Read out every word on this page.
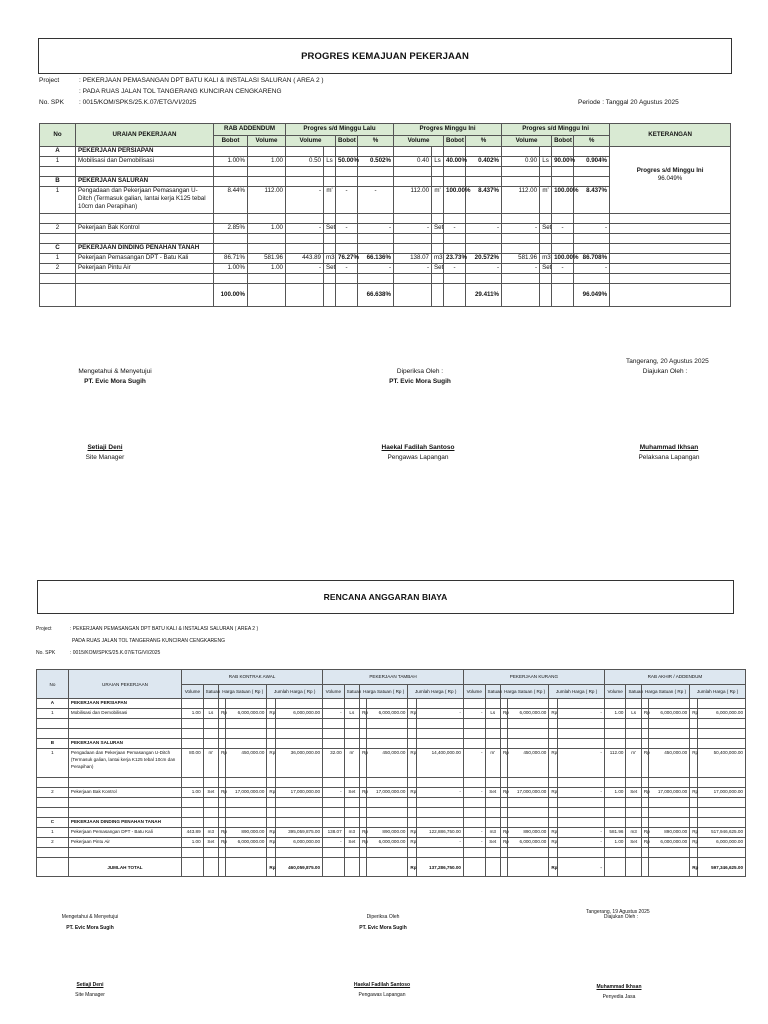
PROGRES KEMAJUAN PEKERJAAN
Project	: PEKERJAAN PEMASANGAN DPT BATU KALI & INSTALASI SALURAN ( AREA 2 )
: PADA RUAS JALAN TOL TANGERANG KUNCIRAN CENGKARENG
No. SPK : 0015/KOM/SPKS/25.K.07/ETG/VI/2025	Periode : Tanggal 20 Agustus 2025
No	URAIAN PEKERJAAN	RAB ADDENDUM		Progres s/d Minggu Lalu				Progres Minggu Ini				Progres s/d Minggu Ini				KETERANGAN
		Bobot	Volume	Volume		Bobot	%	Volume		Bobot	%	Volume		Bobot	%	
A	PEKERJAAN PERSIAPAN															
1	Mobilisasi dan Demobilisasi	1.00%	1.00	0.50	Ls	50.00%	0.502%	0.40	Ls	40.00%	0.402%	0.90	Ls	90.00%	0.904%	

																Progres s/d Minggu Ini
96.049%

B	PEKERJAAN SALURAN															
1	Pengadaan dan Pekerjaan Pemasangan U-Ditch (Termasuk galian, lantai kerja K125 tebal 10cm dan Perapihan)	8.44%	112.00	-	m'	-	-	112.00	m'	100.00%	8.437%	112.00	m'	100.00%	8.437%	

2	Pekerjaan Bak Kontrol	2.85%	1.00	-	Set	-	-	-	Set	-	-	-	Set	-	-	

C	PEKERJAAN DINDING PENAHAN TANAH															
1	Pekerjaan Pemasangan DPT - Batu Kali	86.71%	581.96	443.89	m3	76.27%	66.136%	138.07	m3	23.73%	20.572%	581.96	m3	100.00%	86.708%	
2	Pekerjaan Pintu Air	1.00%	1.00	-	Set	-	-	-	Set	-	-	-	Set	-	-	

		100.00%					66.638%				29.411%				96.049%	
Tangerang, 20 Agustus 2025
Mengetahui & Menyetujui
PT. Evic Mora Sugih
Diperiksa Oleh :
PT. Evic Mora Sugih
Diajukan Oleh :
Setiaji Deni
Site Manager
Haekal Fadilah Santoso
Pengawas Lapangan
Muhammad Ikhsan
Pelaksana Lapangan
RENCANA ANGGARAN BIAYA
Project	: PEKERJAAN PEMASANGAN DPT BATU KALI & INSTALASI SALURAN ( AREA 2 )
PADA RUAS JALAN TOL TANGERANG KUNCIRAN CENGKARENG
No. SPK	: 0015/KOM/SPKS/25.K.07/ETG/VI/2025
No	URAIAN PEKERJAAN	RAB KONTRAK AWAL						PEKERJAAN TAMBAH						PEKERJAAN KURANG						RAB AKHIR / ADDENDUM					
		Volume	Satuan	Harga Satuan ( Rp )		Jumlah Harga ( Rp )		Volume	Satuan	Harga Satuan ( Rp )		Jumlah Harga ( Rp )		Volume	Satuan	Harga Satuan ( Rp )		Jumlah Harga ( Rp )		Volume	Satuan	Harga Satuan ( Rp )		Jumlah Harga ( Rp )	
A	PEKERJAAN PERSIAPAN																								
1	Mobilisasi dan Demobilisasi	1.00	Ls	Rp	6,000,000.00	Rp	6,000,000.00	-	Ls	Rp	6,000,000.00	Rp	-	-	Ls	Rp	6,000,000.00	Rp	-	1.00	Ls	Rp	6,000,000.00	Rp	6,000,000.00

B	PEKERJAAN SALURAN																								
1	Pengadaan dan Pekerjaan Pemasangan U-Ditch (Termasuk galian, lantai kerja K125 tebal 10cm dan Perapihan)	80.00	m'	Rp	450,000.00	Rp	36,000,000.00	32.00	m'	Rp	450,000.00	Rp	14,400,000.00	-	m'	Rp	450,000.00	Rp	-	112.00	m'	Rp	450,000.00	Rp	50,400,000.00

2	Pekerjaan Bak Kontrol	1.00	Set	Rp	17,000,000.00	Rp	17,000,000.00	-	Set	Rp	17,000,000.00	Rp	-	-	Set	Rp	17,000,000.00	Rp	-	1.00	Set	Rp	17,000,000.00	Rp	17,000,000.00

C	PEKERJAAN DINDING PENAHAN TANAH																								
1	Pekerjaan Pemasangan DPT - Batu Kali	443.89	m3	Rp	890,000.00	Rp	395,059,875.00	138.07	m3	Rp	890,000.00	Rp	122,886,750.00	-	m3	Rp	890,000.00	Rp	-	581.96	m3	Rp	890,000.00	Rp	517,946,625.00
2	Pekerjaan Pintu Air	1.00	Set	Rp	6,000,000.00	Rp	6,000,000.00	-	Set	Rp	6,000,000.00	Rp	-	-	Set	Rp	6,000,000.00	Rp	-	1.00	Set	Rp	6,000,000.00	Rp	6,000,000.00

	JUMLAH TOTAL					Rp	460,059,875.00					Rp	137,286,750.00					Rp	-					Rp	597,346,625.00
Tangerang, 19 Agustus 2025
Mengetahui & Menyetujui
PT. Evic Mora Sugih
Diperiksa Oleh
PT. Evic Mora Sugih
Diajukan Oleh :
Setiaji Deni
Site Manager
Haekal Fadilah Santoso
Pengawas Lapangan
Muhammad Ikhsan
Penyedia Jasa
